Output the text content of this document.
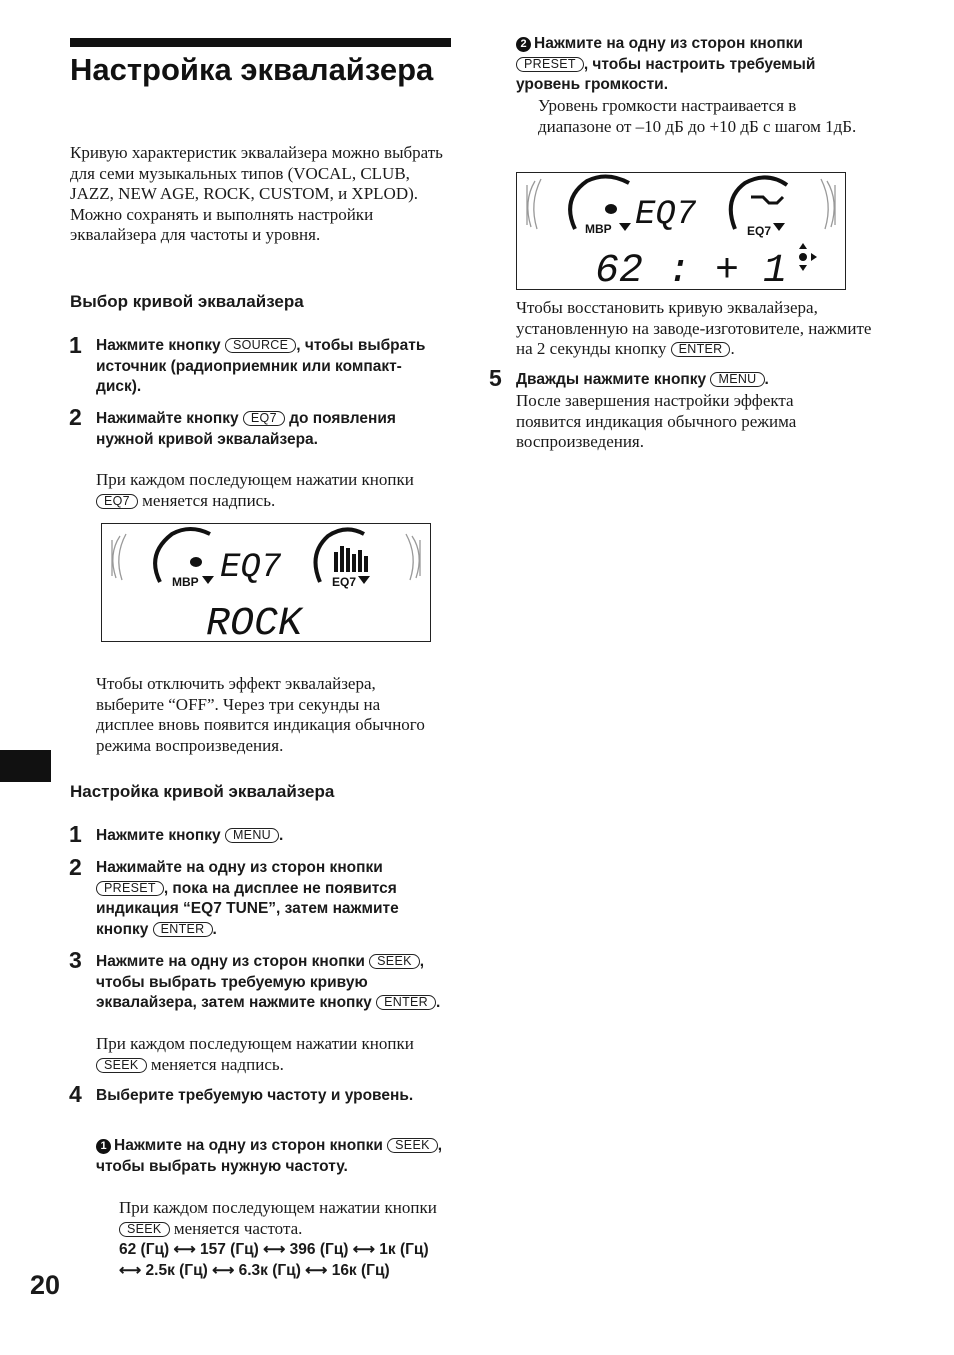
Настройка эквалайзера
Кривую характеристик эквалайзера можно выбрать для семи музыкальных типов (VOCAL, CLUB, JAZZ, NEW AGE, ROCK, CUSTOM, и XPLOD).
Можно сохранять и выполнять настройки эквалайзера для частоты и уровня.
Выбор кривой эквалайзера
1 Нажмите кнопку SOURCE , чтобы выбрать источник (радиоприемник или компакт-диск).
2 Нажимайте кнопку EQ7 до появления нужной кривой эквалайзера.
При каждом последующем нажатии кнопки EQ7 меняется надпись.
MBP EQ7	EQ7
ROCK
Чтобы отключить эффект эквалайзера, выберите “OFF”. Через три секунды на дисплее вновь появится индикация обычного режима воспроизведения.
Настройка кривой эквалайзера
1 Нажмите кнопку MENU .
2 Нажимайте на одну из сторон кнопки PRESET , пока на дисплее не появится индикация “EQ7 TUNE”, затем нажмите кнопку ENTER .
3 Нажмите на одну из сторон кнопки SEEK , чтобы выбрать требуемую кривую эквалайзера, затем нажмите кнопку ENTER .
При каждом последующем нажатии кнопки SEEK меняется надпись.
4 Выберите требуемую частоту и уровень.
1 Нажмите на одну из сторон кнопки SEEK , чтобы выбрать нужную частоту.
При каждом последующем нажатии кнопки SEEK меняется частота.
62 (Гц) ⟷ 157 (Гц) ⟷ 396 (Гц) ⟷ 1к (Гц) ⟷ 2.5к (Гц) ⟷ 6.3к (Гц) ⟷ 16к (Гц)
20
2 Нажмите на одну из сторон кнопки PRESET , чтобы настроить требуемый уровень громкости.
Уровень громкости настраивается в диапазоне от –10 дБ до +10 дБ с шагом 1дБ.
MBP EQ7	EQ7
62 : + 1
Чтобы восстановить кривую эквалайзера, установленную на заводе-изготовителе, нажмите на 2 секунды кнопку ENTER .
5 Дважды нажмите кнопку MENU .
После завершения настройки эффекта появится индикация обычного режима воспроизведения.
